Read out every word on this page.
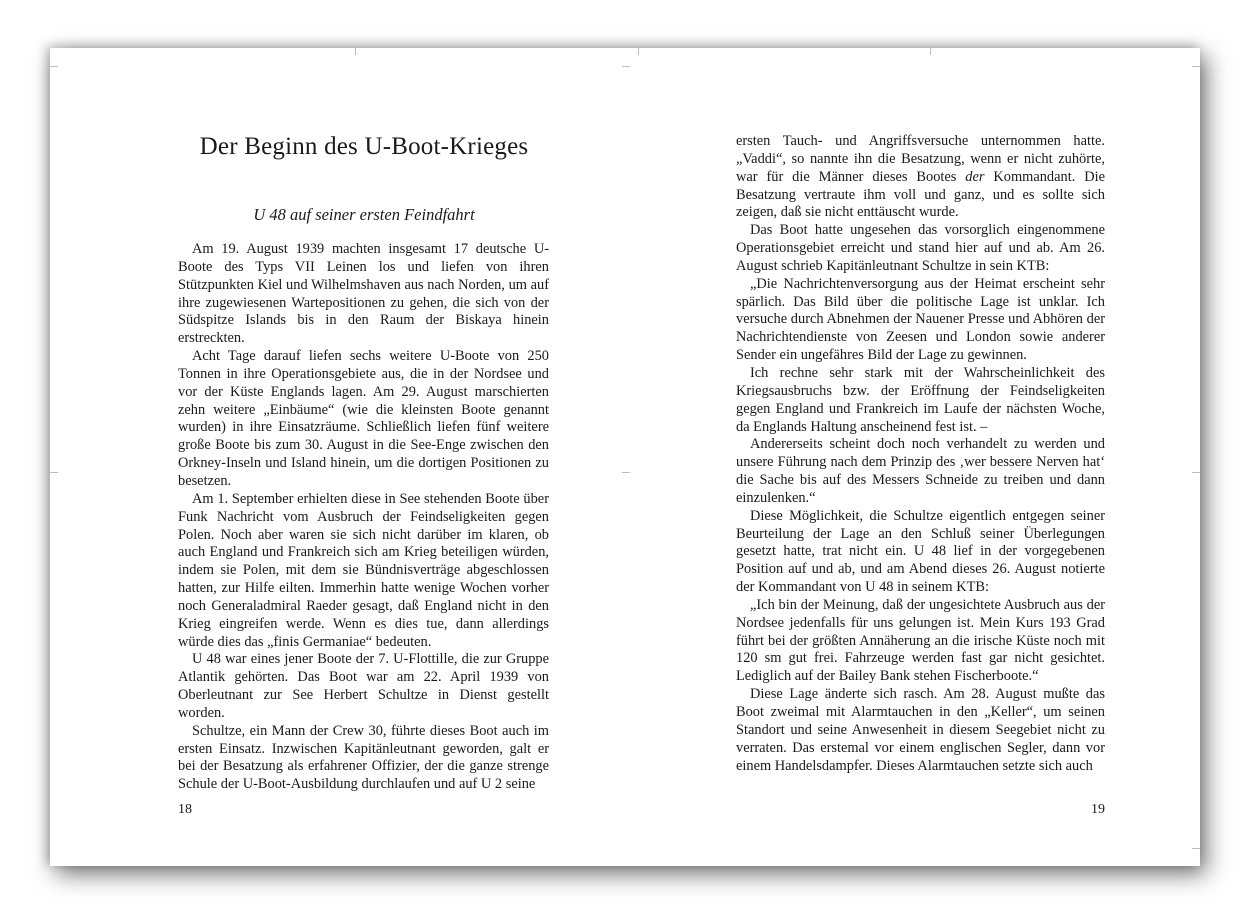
Der Beginn des U-Boot-Krieges
U 48 auf seiner ersten Feindfahrt

Am 19. August 1939 machten insgesamt 17 deutsche U-Boote des Typs VII Leinen los und liefen von ihren Stützpunkten Kiel und Wilhelmshaven aus nach Norden, um auf ihre zugewiesenen Wartepositionen zu gehen, die sich von der Südspitze Islands bis in den Raum der Biskaya hinein erstreckten.

Acht Tage darauf liefen sechs weitere U-Boote von 250 Tonnen in ihre Operationsgebiete aus, die in der Nordsee und vor der Küste Englands lagen. Am 29. August marschierten zehn weitere „Einbäume“ (wie die kleinsten Boote genannt wurden) in ihre Einsatzräume. Schließlich liefen fünf weitere große Boote bis zum 30. August in die See-Enge zwischen den Orkney-Inseln und Island hinein, um die dortigen Positionen zu besetzen.

Am 1. September erhielten diese in See stehenden Boote über Funk Nachricht vom Ausbruch der Feindseligkeiten gegen Polen. Noch aber waren sie sich nicht darüber im klaren, ob auch England und Frankreich sich am Krieg beteiligen würden, indem sie Polen, mit dem sie Bündnisverträge abgeschlossen hatten, zur Hilfe eilten. Immerhin hatte wenige Wochen vorher noch Generaladmiral Raeder gesagt, daß England nicht in den Krieg eingreifen werde. Wenn es dies tue, dann allerdings würde dies das „finis Germaniae“ bedeuten.

U 48 war eines jener Boote der 7. U-Flottille, die zur Gruppe Atlantik gehörten. Das Boot war am 22. April 1939 von Oberleutnant zur See Herbert Schultze in Dienst gestellt worden.

Schultze, ein Mann der Crew 30, führte dieses Boot auch im ersten Einsatz. Inzwischen Kapitänleutnant geworden, galt er bei der Besatzung als erfahrener Offizier, der die ganze strenge Schule der U-Boot-Ausbildung durchlaufen und auf U 2 seine

18

ersten Tauch- und Angriffsversuche unternommen hatte. „Vaddi“, so nannte ihn die Besatzung, wenn er nicht zuhörte, war für die Männer dieses Bootes der Kommandant. Die Besatzung vertraute ihm voll und ganz, und es sollte sich zeigen, daß sie nicht enttäuscht wurde.

Das Boot hatte ungesehen das vorsorglich eingenommene Operationsgebiet erreicht und stand hier auf und ab. Am 26. August schrieb Kapitänleutnant Schultze in sein KTB:

„Die Nachrichtenversorgung aus der Heimat erscheint sehr spärlich. Das Bild über die politische Lage ist unklar. Ich versuche durch Abnehmen der Nauener Presse und Abhören der Nachrichtendienste von Zeesen und London sowie anderer Sender ein ungefähres Bild der Lage zu gewinnen.

Ich rechne sehr stark mit der Wahrscheinlichkeit des Kriegsausbruchs bzw. der Eröffnung der Feindseligkeiten gegen England und Frankreich im Laufe der nächsten Woche, da Englands Haltung anscheinend fest ist. –

Andererseits scheint doch noch verhandelt zu werden und unsere Führung nach dem Prinzip des ‚wer bessere Nerven hat‘ die Sache bis auf des Messers Schneide zu treiben und dann einzulenken.“

Diese Möglichkeit, die Schultze eigentlich entgegen seiner Beurteilung der Lage an den Schluß seiner Überlegungen gesetzt hatte, trat nicht ein. U 48 lief in der vorgegebenen Position auf und ab, und am Abend dieses 26. August notierte der Kommandant von U 48 in seinem KTB:

„Ich bin der Meinung, daß der ungesichtete Ausbruch aus der Nordsee jedenfalls für uns gelungen ist. Mein Kurs 193 Grad führt bei der größten Annäherung an die irische Küste noch mit 120 sm gut frei. Fahrzeuge werden fast gar nicht gesichtet. Lediglich auf der Bailey Bank stehen Fischerboote.“

Diese Lage änderte sich rasch. Am 28. August mußte das Boot zweimal mit Alarmtauchen in den „Keller“, um seinen Standort und seine Anwesenheit in diesem Seegebiet nicht zu verraten. Das erstemal vor einem englischen Segler, dann vor einem Handelsdampfer. Dieses Alarmtauchen setzte sich auch

19
